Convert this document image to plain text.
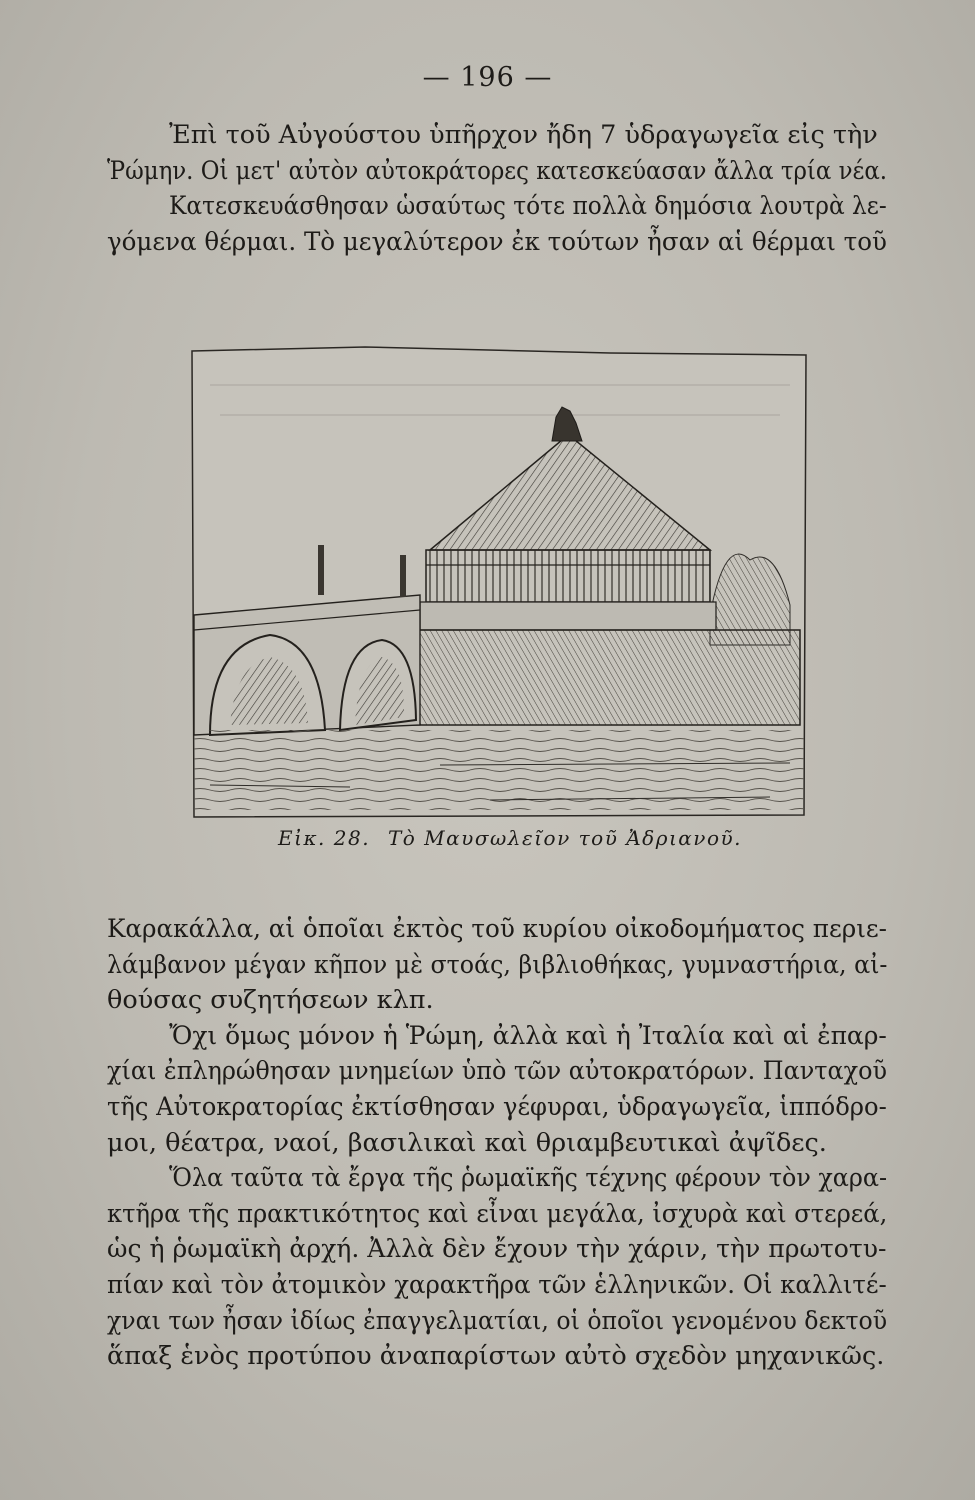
— 196 —

Ἐπὶ τοῦ Αὐγούστου ὑπῆρχον ἤδη 7 ὑδραγωγεῖα εἰς τὴν
Ῥώμην. Οἱ μετ' αὐτὸν αὐτοκράτορες κατεσκεύασαν ἄλλα τρία νέα.
Κατεσκευάσθησαν ὡσαύτως τότε πολλὰ δημόσια λουτρὰ λε-
γόμενα θέρμαι. Τὸ μεγαλύτερον ἐκ τούτων ἦσαν αἱ θέρμαι τοῦ

Εἰκ. 28. Τὸ Μαυσωλεῖον τοῦ Ἀδριανοῦ.

Καρακάλλα, αἱ ὁποῖαι ἐκτὸς τοῦ κυρίου οἰκοδομήματος περιε-
λάμβανον μέγαν κῆπον μὲ στοάς, βιβλιοθήκας, γυμναστήρια, αἰ-
θούσας συζητήσεων κλπ.

Ὄχι ὅμως μόνον ἡ Ῥώμη, ἀλλὰ καὶ ἡ Ἰταλία καὶ αἱ ἐπαρ-
χίαι ἐπληρώθησαν μνημείων ὑπὸ τῶν αὐτοκρατόρων. Πανταχοῦ
τῆς Αὐτοκρατορίας ἐκτίσθησαν γέφυραι, ὑδραγωγεῖα, ἱππόδρο-
μοι, θέατρα, ναοί, βασιλικαὶ καὶ θριαμβευτικαὶ ἀψῖδες.

Ὅλα ταῦτα τὰ ἔργα τῆς ῥωμαϊκῆς τέχνης φέρουν τὸν χαρα-
κτῆρα τῆς πρακτικότητος καὶ εἶναι μεγάλα, ἰσχυρὰ καὶ στερεά,
ὡς ἡ ῥωμαϊκὴ ἀρχή. Ἀλλὰ δὲν ἔχουν τὴν χάριν, τὴν πρωτοτυ-
πίαν καὶ τὸν ἀτομικὸν χαρακτῆρα τῶν ἑλληνικῶν. Οἱ καλλιτέ-
χναι των ἦσαν ἰδίως ἐπαγγελματίαι, οἱ ὁποῖοι γενομένου δεκτοῦ
ἅπαξ ἑνὸς προτύπου ἀναπαρίστων αὐτὸ σχεδὸν μηχανικῶς.
